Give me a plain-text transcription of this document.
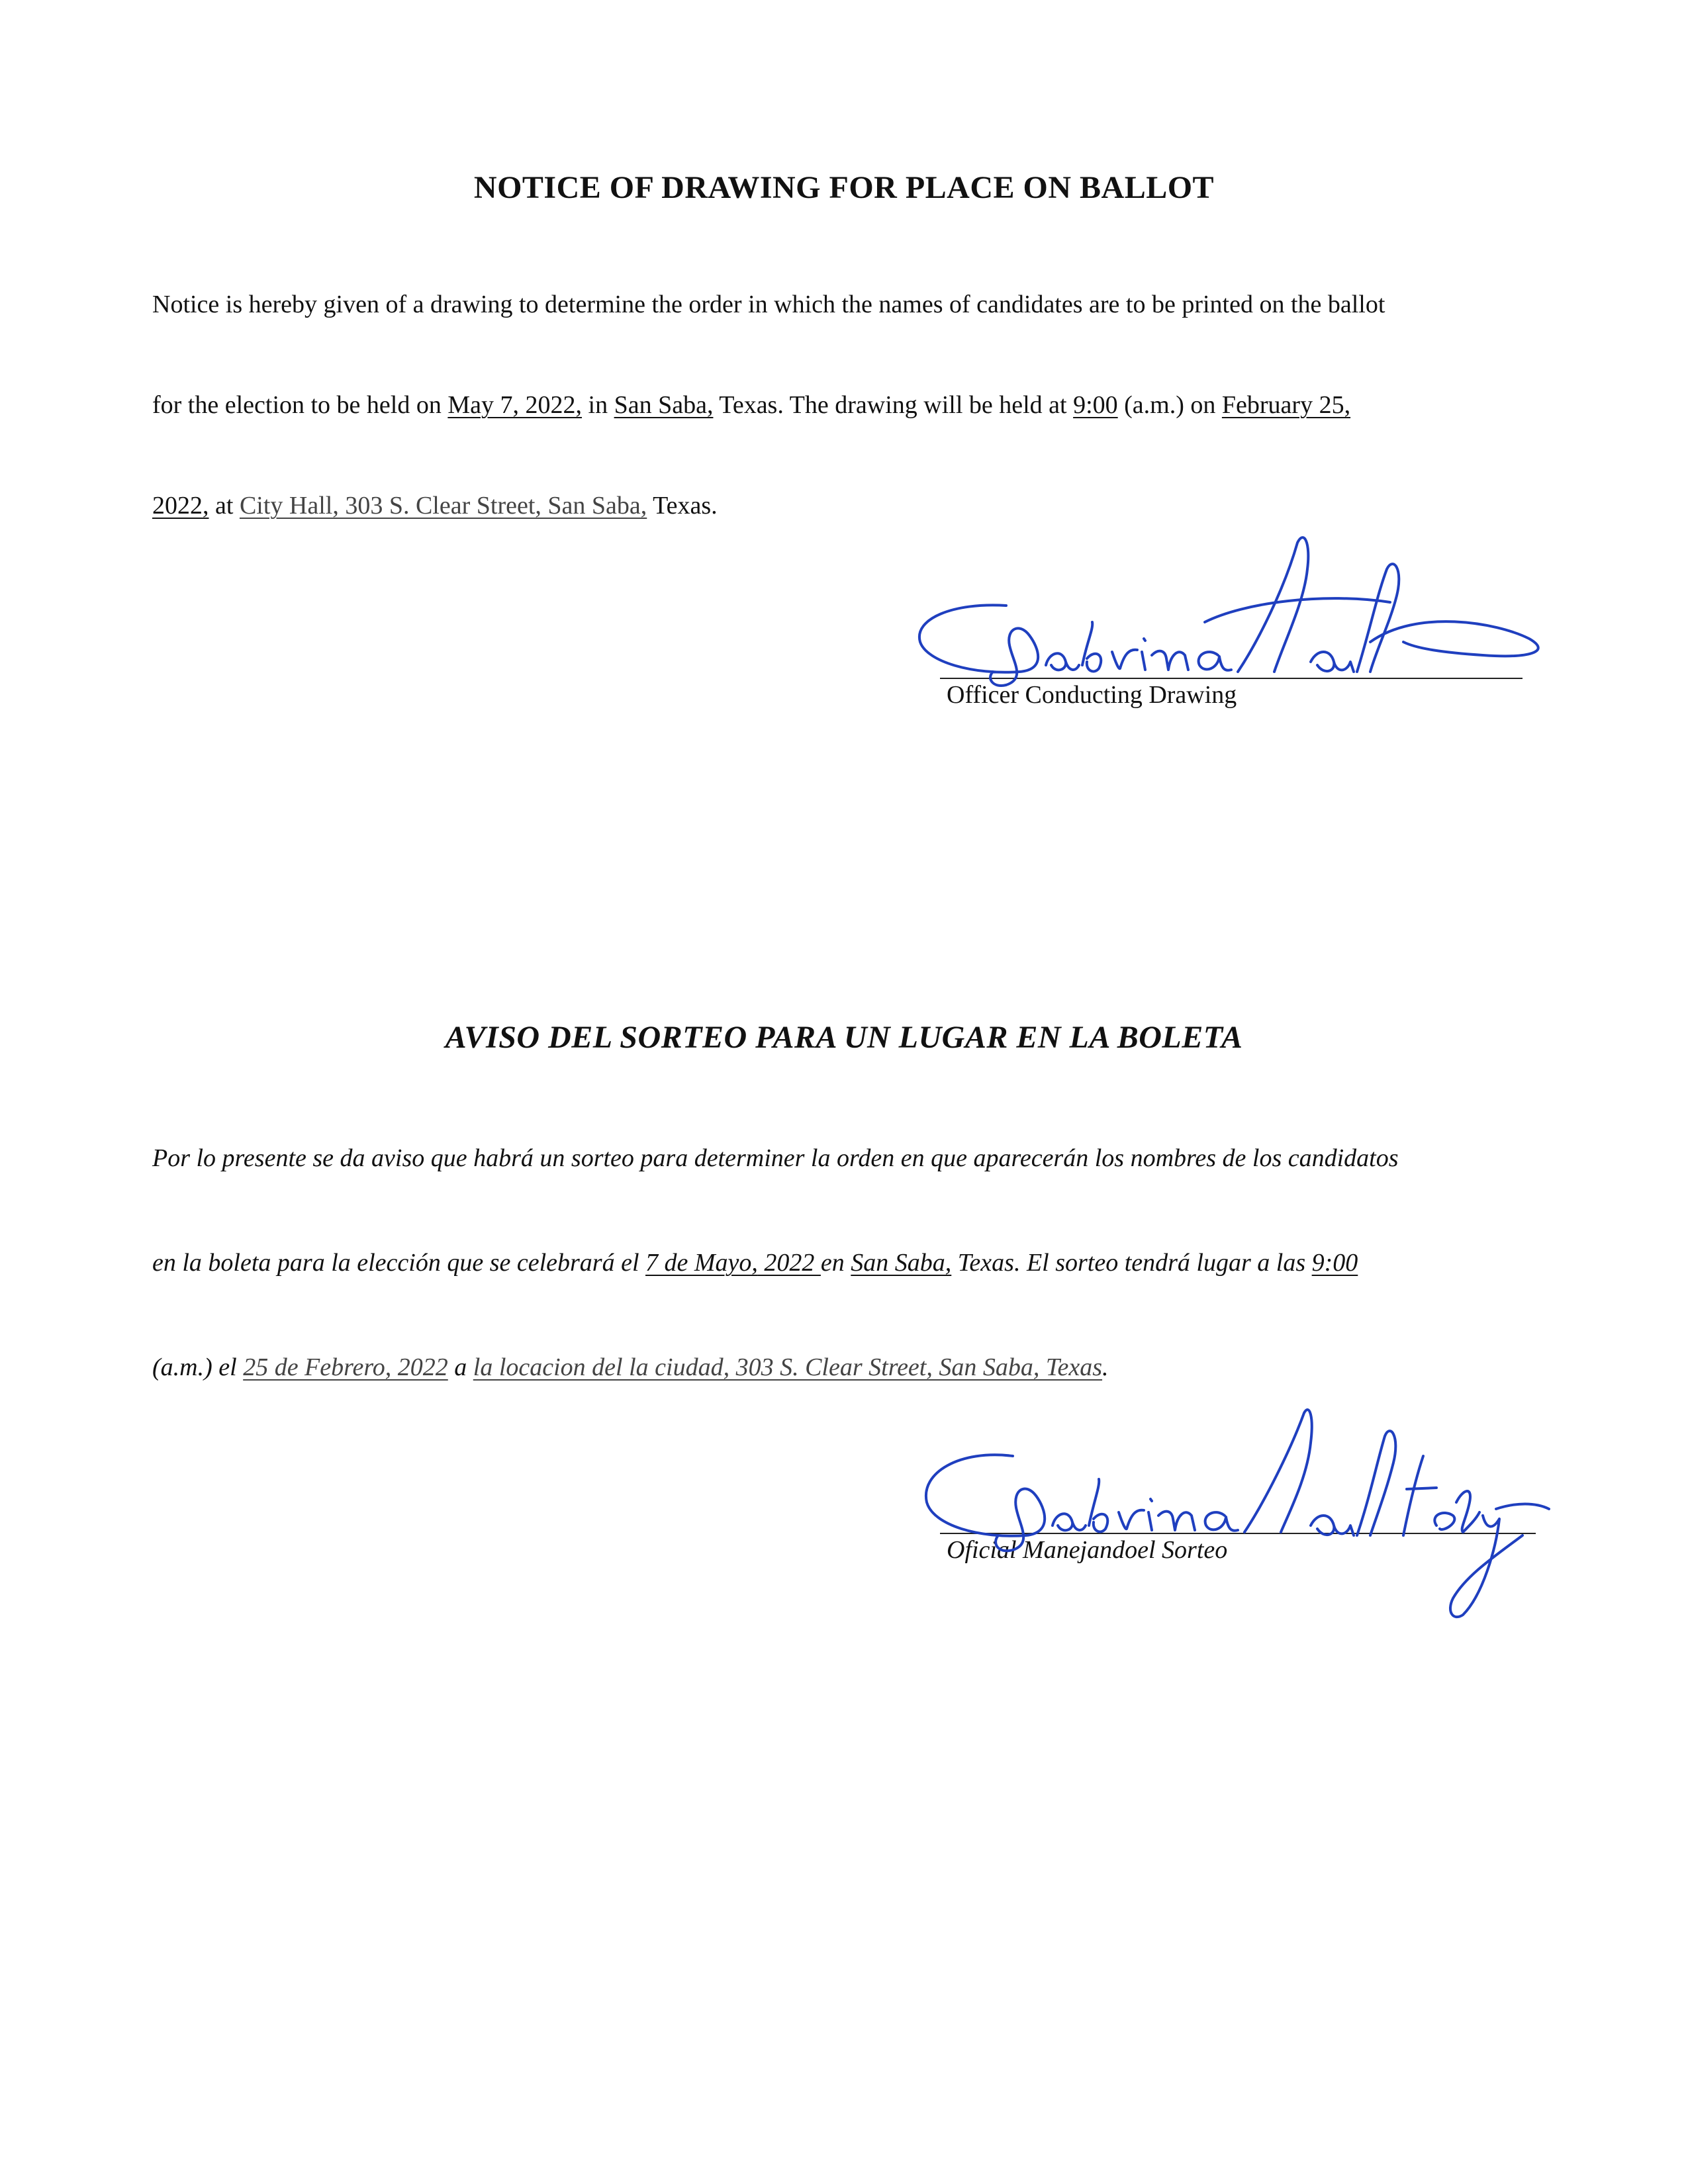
NOTICE OF DRAWING FOR PLACE ON BALLOT
Notice is hereby given of a drawing to determine the order in which the names of candidates are to be printed on the ballot
for the election to be held on May 7, 2022, in San Saba, Texas. The drawing will be held at 9:00 (a.m.) on February 25,
2022, at City Hall, 303 S. Clear Street, San Saba, Texas.
Officer Conducting Drawing
AVISO DEL SORTEO PARA UN LUGAR EN LA BOLETA
Por lo presente se da aviso que habrá un sorteo para determiner la orden en que aparecerán los nombres de los candidatos
en la boleta para la elección que se celebrará el 7 de Mayo, 2022 en San Saba, Texas. El sorteo tendrá lugar a las 9:00
(a.m.) el 25 de Febrero, 2022 a la locacion del la ciudad, 303 S. Clear Street, San Saba, Texas.
Oficial Manejandoel Sorteo
